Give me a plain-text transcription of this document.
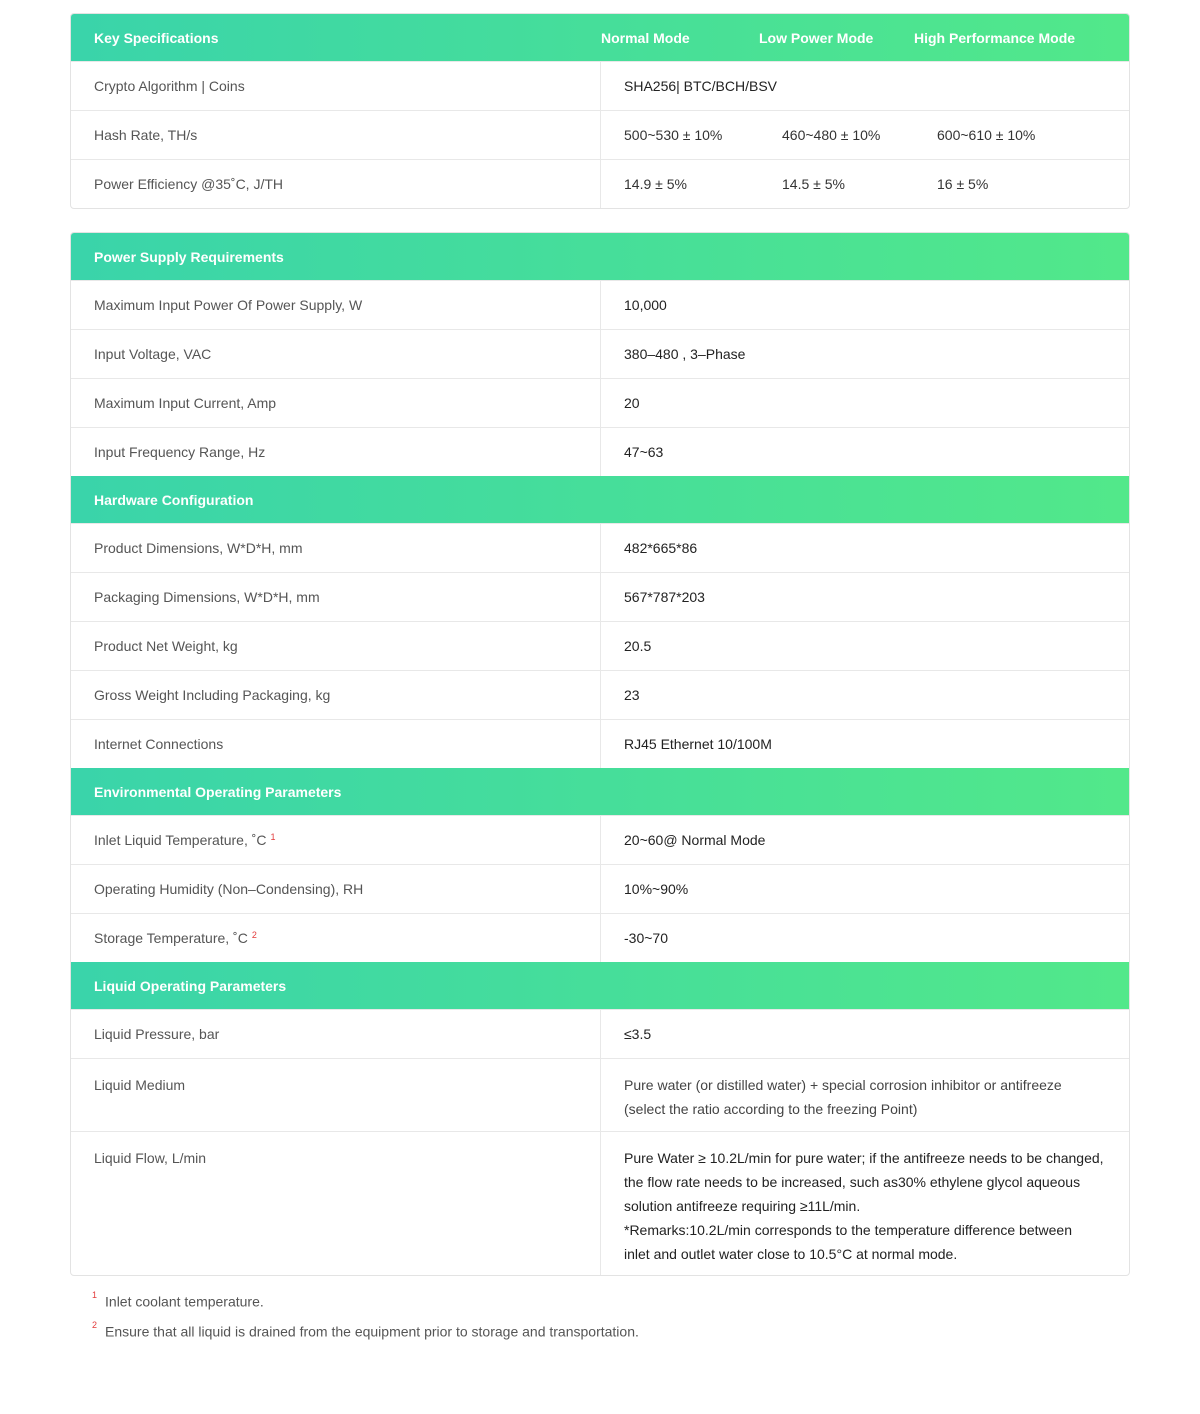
Key Specifications	Normal Mode	Low Power Mode	High Performance Mode
Crypto Algorithm | Coins	SHA256| BTC/BCH/BSV
Hash Rate, TH/s	500~530 ± 10%	460~480 ± 10%	600~610 ± 10%
Power Efficiency @35˚C, J/TH	14.9 ± 5%	14.5 ± 5%	16 ± 5%
Power Supply Requirements
Maximum Input Power Of Power Supply, W	10,000
Input Voltage, VAC	380–480 , 3–Phase
Maximum Input Current, Amp	20
Input Frequency Range, Hz	47~63
Hardware Configuration
Product Dimensions, W*D*H, mm	482*665*86
Packaging Dimensions, W*D*H, mm	567*787*203
Product Net Weight, kg	20.5
Gross Weight Including Packaging, kg	23
Internet Connections	RJ45 Ethernet 10/100M
Environmental Operating Parameters
Inlet Liquid Temperature, ˚C $^1$	20~60@ Normal Mode
Operating Humidity (Non–Condensing), RH	10%~90%
Storage Temperature, ˚C $^2$	-30~70
Liquid Operating Parameters
Liquid Pressure, bar	≤3.5
Liquid Medium	Pure water (or distilled water) + special corrosion inhibitor or antifreeze
(select the ratio according to the freezing Point)
Liquid Flow, L/min	Pure Water ≥ 10.2L/min for pure water; if the antifreeze needs to be changed,
the flow rate needs to be increased, such as30% ethylene glycol aqueous
solution antifreeze requiring ≥11L/min.
*Remarks:10.2L/min corresponds to the temperature difference between
inlet and outlet water close to 10.5°C at normal mode.
$^1$ Inlet coolant temperature.
$^2$ Ensure that all liquid is drained from the equipment prior to storage and transportation.
